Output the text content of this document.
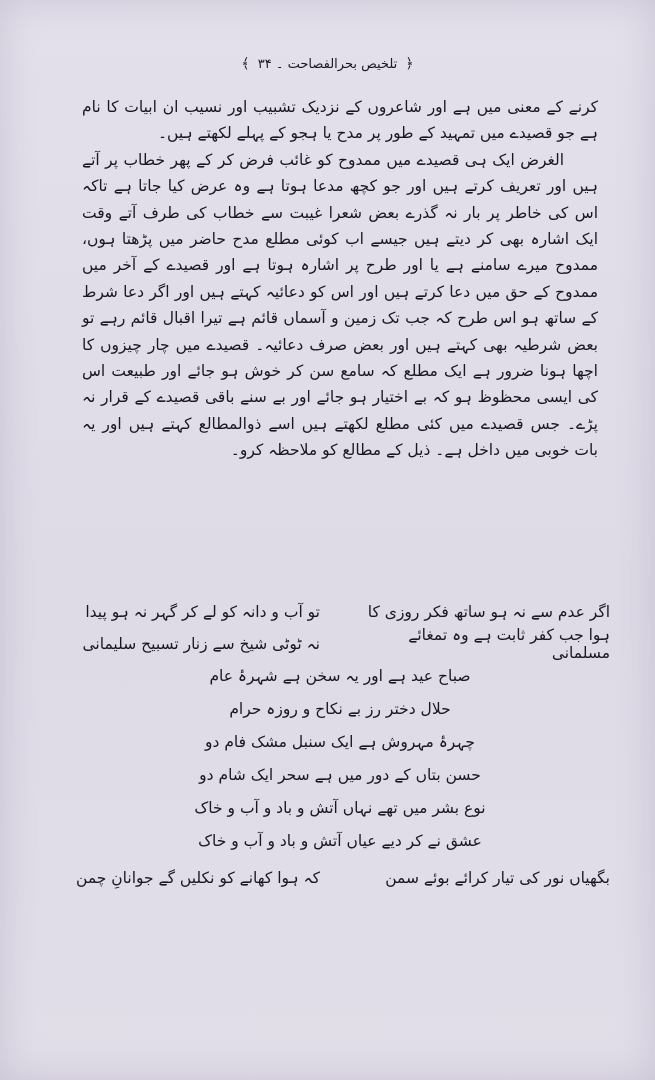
﴿ تلخیص بحرالفصاحت ۔ ۳۴ ﴾

کرنے کے معنی میں ہے اور شاعروں کے نزدیک تشبیب اور نسیب ان ابیات کا نام ہے جو قصیدے میں تمہید کے طور پر مدح یا ہجو کے پہلے لکھتے ہیں۔

الغرض ایک ہی قصیدے میں ممدوح کو غائب فرض کر کے پھر خطاب پر آتے ہیں اور تعریف کرتے ہیں اور جو کچھ مدعا ہوتا ہے وہ عرض کیا جاتا ہے تاکہ اس کی خاطر پر بار نہ گذرے بعض شعرا غیبت سے خطاب کی طرف آتے وقت ایک اشارہ بھی کر دیتے ہیں جیسے اب کوئی مطلع مدح حاضر میں پڑھتا ہوں، ممدوح میرے سامنے ہے یا اور طرح پر اشارہ ہوتا ہے اور قصیدے کے آخر میں ممدوح کے حق میں دعا کرتے ہیں اور اس کو دعائیہ کہتے ہیں اور اگر دعا شرط کے ساتھ ہو اس طرح کہ جب تک زمین و آسماں قائم ہے تیرا اقبال قائم رہے تو بعض شرطیہ بھی کہتے ہیں اور بعض صرف دعائیہ۔ قصیدے میں چار چیزوں کا اچھا ہونا ضرور ہے ایک مطلع کہ سامع سن کر خوش ہو جائے اور طبیعت اس کی ایسی محظوظ ہو کہ بے اختیار ہو جائے اور بے سنے باقی قصیدے کے قرار نہ پڑے۔ جس قصیدے میں کئی مطلع لکھتے ہیں اسے ذوالمطالع کہتے ہیں اور یہ بات خوبی میں داخل ہے۔ ذیل کے مطالع کو ملاحظہ کرو۔

اگر عدم سے نہ ہو ساتھ فکر روزی کا
تو آب و دانہ کو لے کر گہر نہ ہو پیدا
ہوا جب کفر ثابت ہے وہ تمغائے مسلمانی
نہ ٹوٹی شیخ سے زنار تسبیح سلیمانی
صباح عید ہے اور یہ سخن ہے شہرۂ عام
حلال دختر رز بے نکاح و روزہ حرام
چہرۂ مہروش ہے ایک سنبل مشک فام دو
حسن بتاں کے دور میں ہے سحر ایک شام دو
نوع بشر میں تھے نہاں آتش و باد و آب و خاک
عشق نے کر دیے عیاں آتش و باد و آب و خاک
بگھیاں نور کی تیار کرائے بوئے سمن
کہ ہوا کھانے کو نکلیں گے جوانانِ چمن
